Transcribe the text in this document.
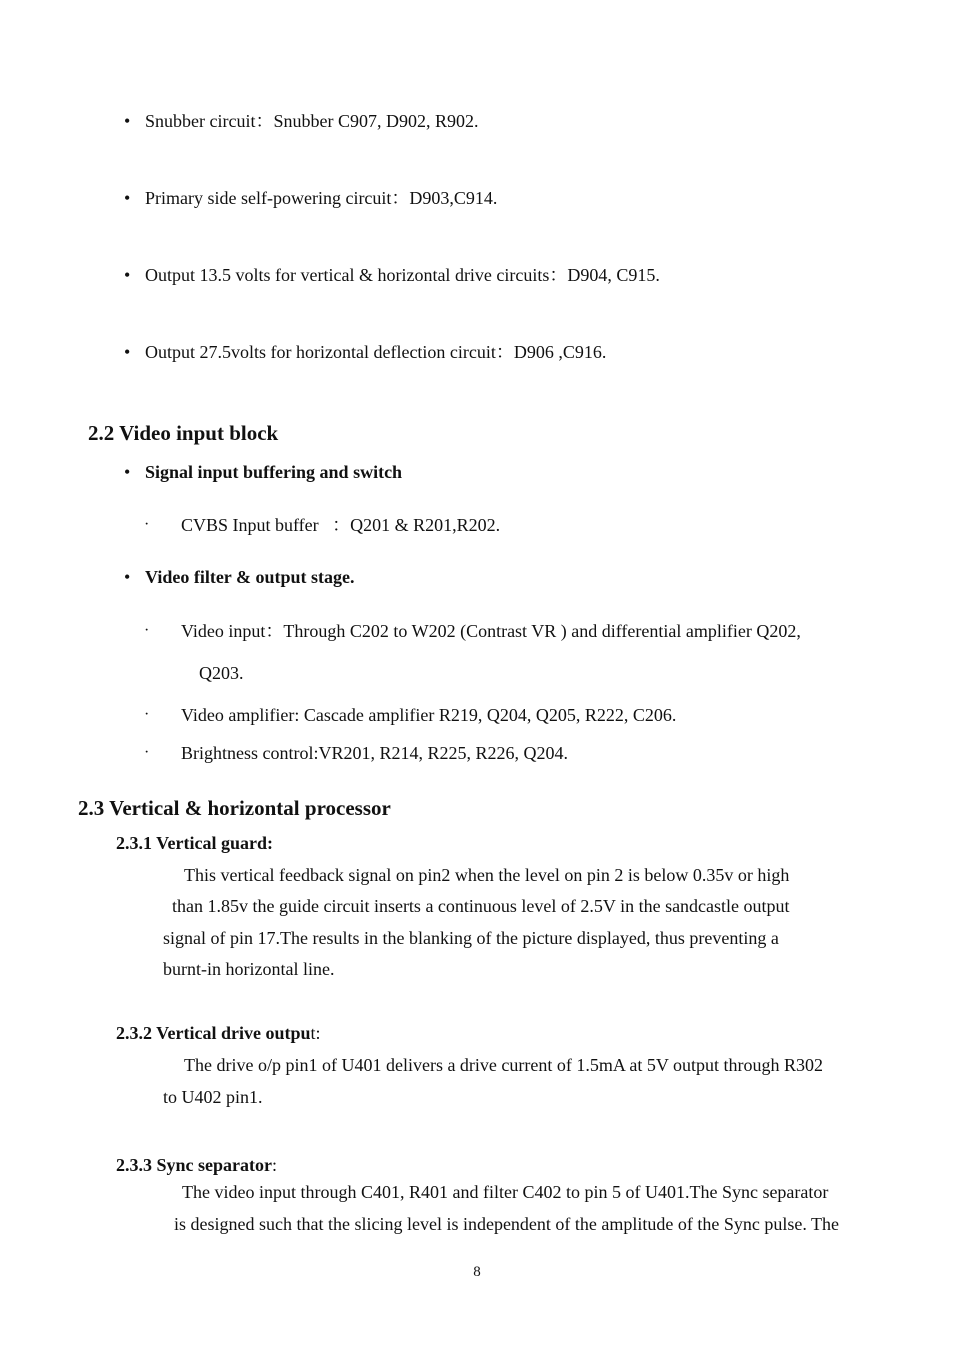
• Snubber circuit：Snubber C907, D902, R902.
• Primary side self-powering circuit：D903,C914.
• Output 13.5 volts for vertical & horizontal drive circuits：D904, C915.
• Output 27.5volts for horizontal deflection circuit：D906 ,C916.
2.2 Video input block
• Signal input buffering and switch
· CVBS Input buffer   ：Q201 & R201,R202.
• Video filter & output stage.
· Video input：Through C202 to W202 (Contrast VR ) and differential amplifier Q202,
Q203.
· Video amplifier: Cascade amplifier R219, Q204, Q205, R222, C206.
· Brightness control:VR201, R214, R225, R226, Q204.
2.3 Vertical & horizontal processor
2.3.1 Vertical guard:
This vertical feedback signal on pin2 when the level on pin 2 is below 0.35v or high
than 1.85v the guide circuit inserts a continuous level of 2.5V in the sandcastle output
signal of pin 17.The results in the blanking of the picture displayed, thus preventing a
burnt-in horizontal line.
2.3.2 Vertical drive output:
The drive o/p pin1 of U401 delivers a drive current of 1.5mA at 5V output through R302
to U402 pin1.
2.3.3 Sync separator:
The video input through C401, R401 and filter C402 to pin 5 of U401.The Sync separator
is designed such that the slicing level is independent of the amplitude of the Sync pulse. The
8
